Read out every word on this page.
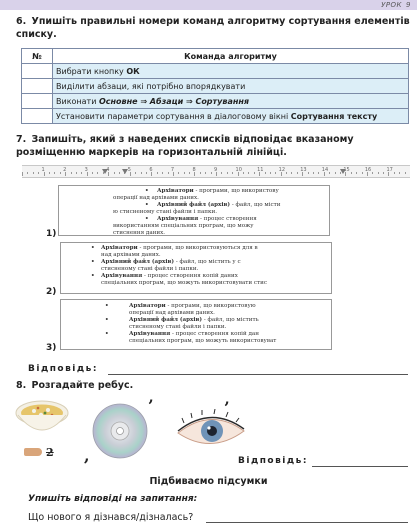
УРОК 9
6. Упишіть правильні номери команд алгоритму сортування елементів списку.
№	Команда алгоритму
	Вибрати кнопку ОК
	Виділити абзаци, які потрібно впорядкувати
	Виконати Основне ⇒ Абзаци ⇒ Сортування
	Установити параметри сортування в діалоговому вікні Сортування тексту
7. Запишіть, який з наведених списків відповідає вказаному розміщенню маркерів на горизонтальній лінійці.
1	2	3	4	5	6	7	8	9	10	11	12	13	14	15	16	17
1)
• Архіватори - програми, що використову
операції над архівами даних.
• Архівний файл (архів) - файл, що місти
ю стисненому стані файли і папки.
• Архівування - процес створення
використанням спеціальних програм, що можу
стиснення даних.
2)
• Архіватори - програми, що використовуються для в
над архівами даних.
• Архівний файл (архів) - файл, що містить у с
стисненому стані файли і папки.
• Архівування - процес створення копій даних
спеціальних програм, що можуть використовувати стис
3)
•	Архіватори - програми, що використовую
операції над архівами даних.
•	Архівний файл (архів) - файл, що містить
стисненому стані файли і папки.
•	Архівування - процес створення копій дан
спеціальних програм, що можуть використовуват
Відповідь:
8. Розгадайте ребус.
2 ,
’	’
Відповідь:
Підбиваємо підсумки
Упишіть відповіді на запитання:
Що нового я дізнався/дізналась?
